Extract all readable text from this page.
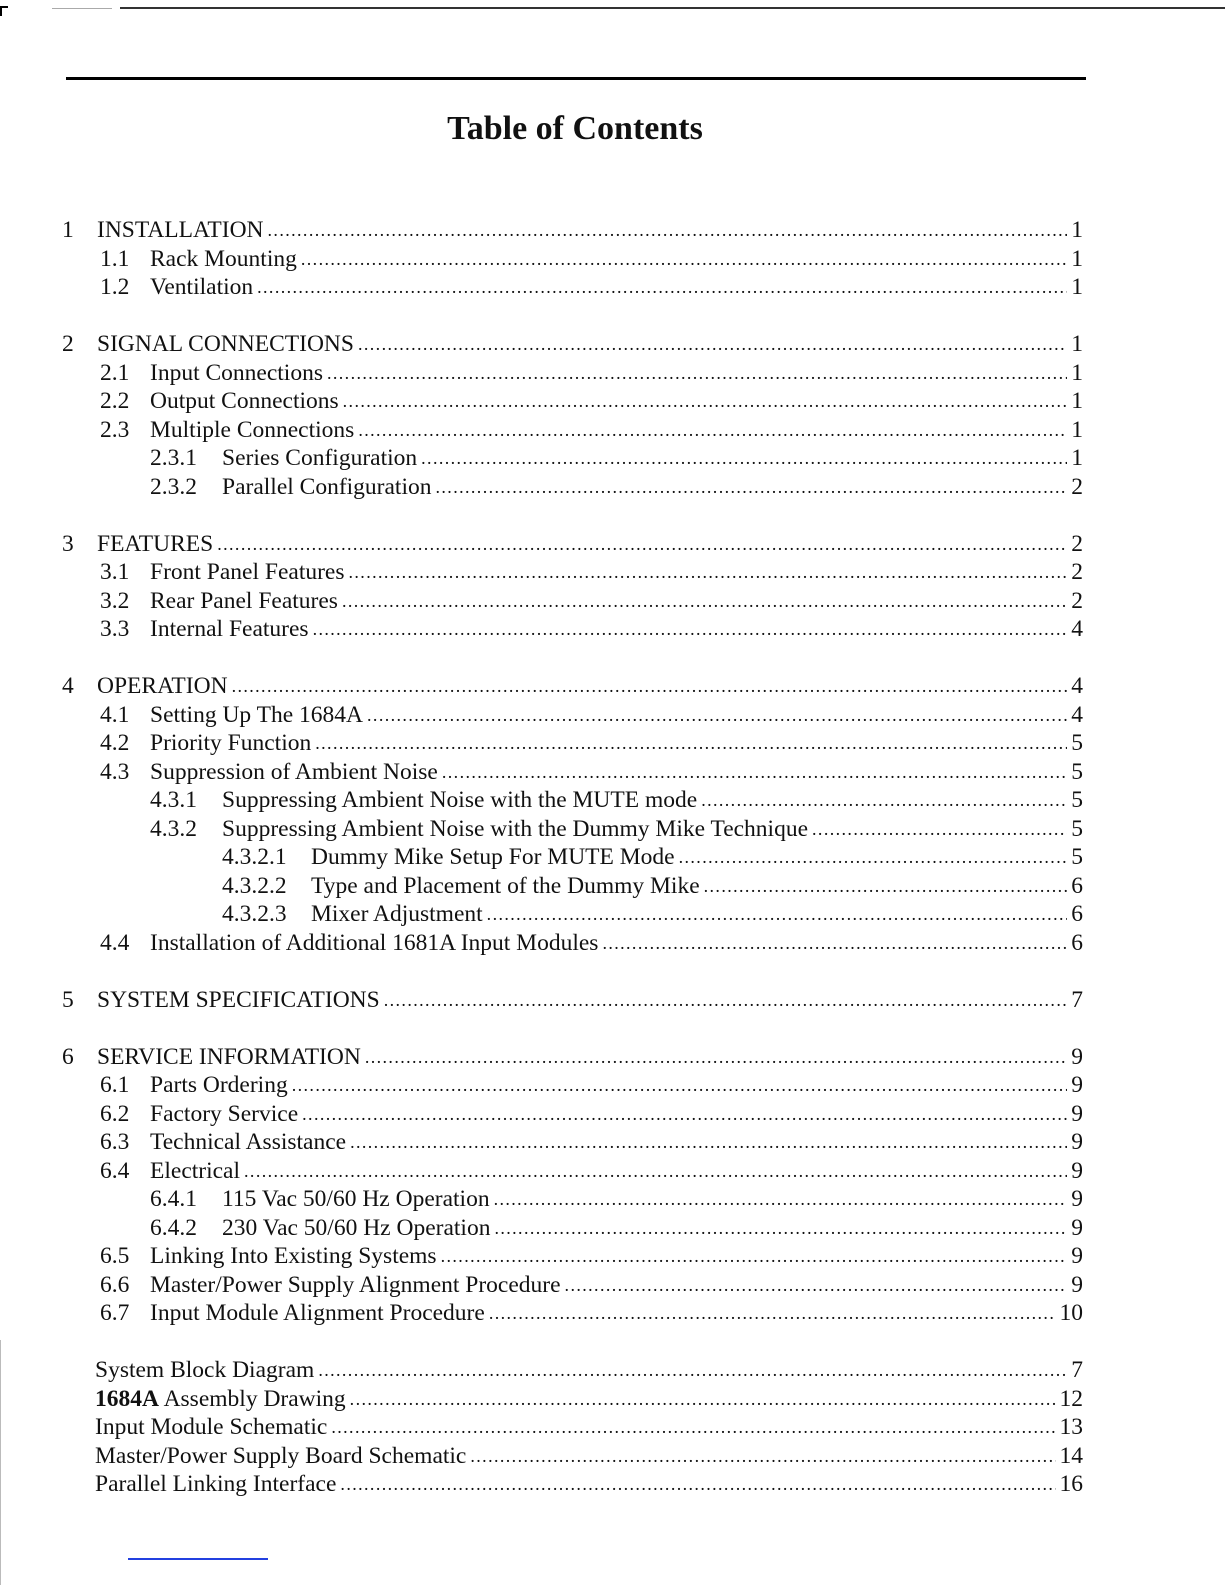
Table of Contents
1 INSTALLATION .....	1
1.1 Rack Mounting .....	1
1.2 Ventilation .....	1
2 SIGNAL CONNECTIONS .....	1
2.1 Input Connections .....	1
2.2 Output Connections .....	1
2.3 Multiple Connections .....	1
2.3.1 Series Configuration .....	1
2.3.2 Parallel Configuration .....	2
3 FEATURES .....	2
3.1 Front Panel Features .....	2
3.2 Rear Panel Features .....	2
3.3 Internal Features .....	4
4 OPERATION .....	4
4.1 Setting Up The 1684A .....	4
4.2 Priority Function .....	5
4.3 Suppression of Ambient Noise .....	5
4.3.1 Suppressing Ambient Noise with the MUTE mode .....	5
4.3.2 Suppressing Ambient Noise with the Dummy Mike Technique .....	5
4.3.2.1 Dummy Mike Setup For MUTE Mode .....	5
4.3.2.2 Type and Placement of the Dummy Mike .....	6
4.3.2.3 Mixer Adjustment .....	6
4.4 Installation of Additional 1681A Input Modules .....	6
5 SYSTEM SPECIFICATIONS .....	7
6 SERVICE INFORMATION .....	9
6.1 Parts Ordering .....	9
6.2 Factory Service .....	9
6.3 Technical Assistance .....	9
6.4 Electrical .....	9
6.4.1 115 Vac 50/60 Hz Operation .....	9
6.4.2 230 Vac 50/60 Hz Operation .....	9
6.5 Linking Into Existing Systems .....	9
6.6 Master/Power Supply Alignment Procedure .....	9
6.7 Input Module Alignment Procedure .....	10
System Block Diagram .....	7
1684A Assembly Drawing .....	12
Input Module Schematic .....	13
Master/Power Supply Board Schematic .....	14
Parallel Linking Interface .....	16
